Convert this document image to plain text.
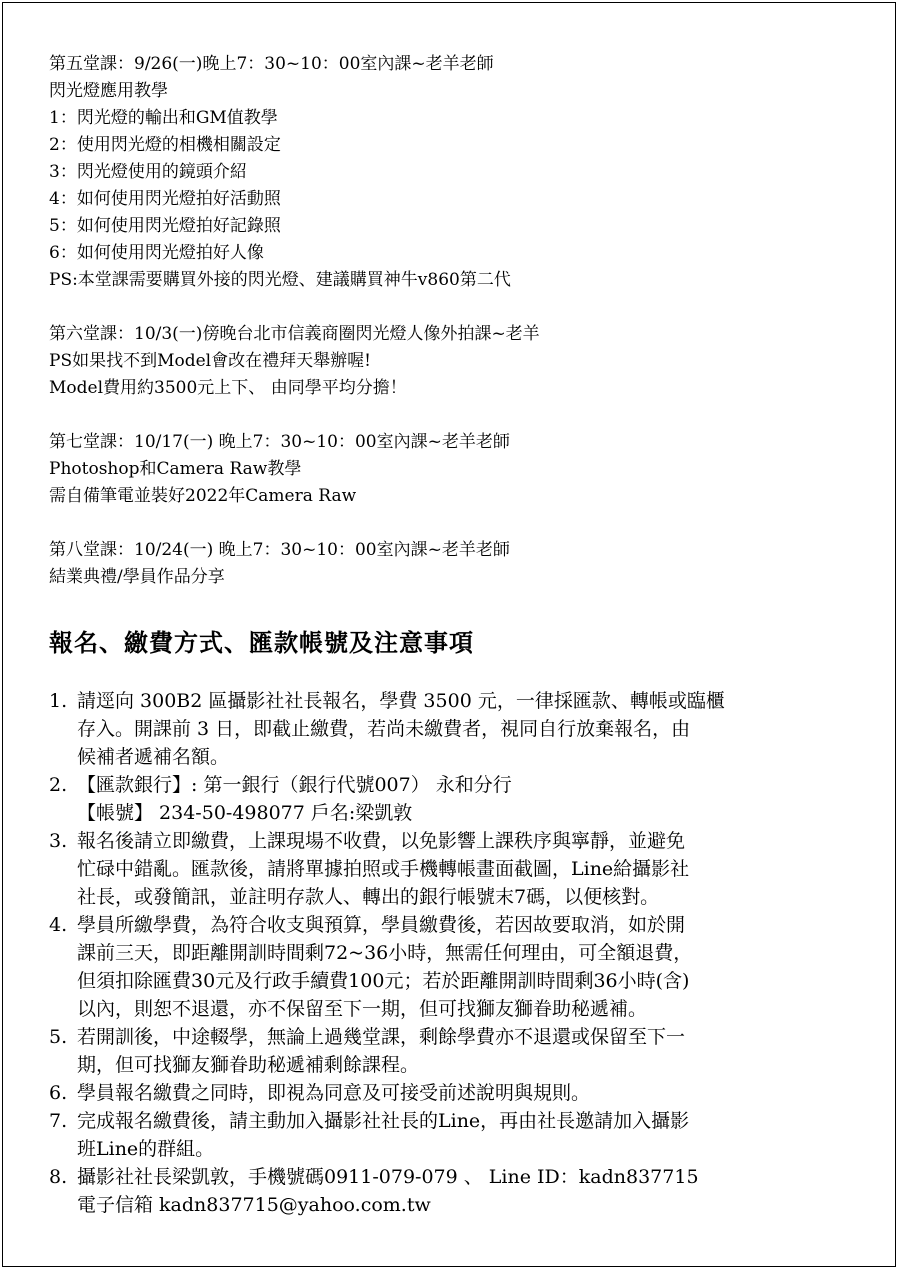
第五堂課：9/26(一)晚上7：30~10：00室內課~老羊老師
閃光燈應用教學
1：閃光燈的輸出和GM值教學
2：使用閃光燈的相機相關設定
3：閃光燈使用的鏡頭介紹
4：如何使用閃光燈拍好活動照
5：如何使用閃光燈拍好記錄照
6：如何使用閃光燈拍好人像
PS:本堂課需要購買外接的閃光燈、建議購買神牛v860第二代
第六堂課：10/3(一)傍晚台北市信義商圈閃光燈人像外拍課~老羊
PS如果找不到Model會改在禮拜天舉辦喔!
Model費用約3500元上下、 由同學平均分擔！
第七堂課：10/17(一) 晚上7：30~10：00室內課~老羊老師
Photoshop和Camera Raw教學
需自備筆電並裝好2022年Camera Raw
第八堂課：10/24(一) 晚上7：30~10：00室內課~老羊老師
結業典禮/學員作品分享
報名、繳費方式、匯款帳號及注意事項
1. 請逕向 300B2 區攝影社社長報名，學費 3500 元，一律採匯款、轉帳或臨櫃
存入。開課前 3 日，即截止繳費，若尚未繳費者，視同自行放棄報名，由
候補者遞補名額。
2. 【匯款銀行】: 第一銀行（銀行代號007） 永和分行
【帳號】 234-50-498077 戶名:梁凱敦
3. 報名後請立即繳費，上課現場不收費，以免影響上課秩序與寧靜，並避免
忙碌中錯亂。匯款後，請將單據拍照或手機轉帳畫面截圖，Line給攝影社
社長，或發簡訊，並註明存款人、轉出的銀行帳號末7碼，以便核對。
4. 學員所繳學費，為符合收支與預算，學員繳費後，若因故要取消，如於開
課前三天，即距離開訓時間剩72~36小時，無需任何理由，可全額退費，
但須扣除匯費30元及行政手續費100元；若於距離開訓時間剩36小時(含)
以內，則恕不退還，亦不保留至下一期，但可找獅友獅眷助秘遞補。
5. 若開訓後，中途輟學，無論上過幾堂課，剩餘學費亦不退還或保留至下一
期，但可找獅友獅眷助秘遞補剩餘課程。
6. 學員報名繳費之同時，即視為同意及可接受前述說明與規則。
7. 完成報名繳費後，請主動加入攝影社社長的Line，再由社長邀請加入攝影
班Line的群組。
8. 攝影社社長梁凱敦，手機號碼0911-079-079 、 Line ID：kadn837715
電子信箱 kadn837715@yahoo.com.tw
